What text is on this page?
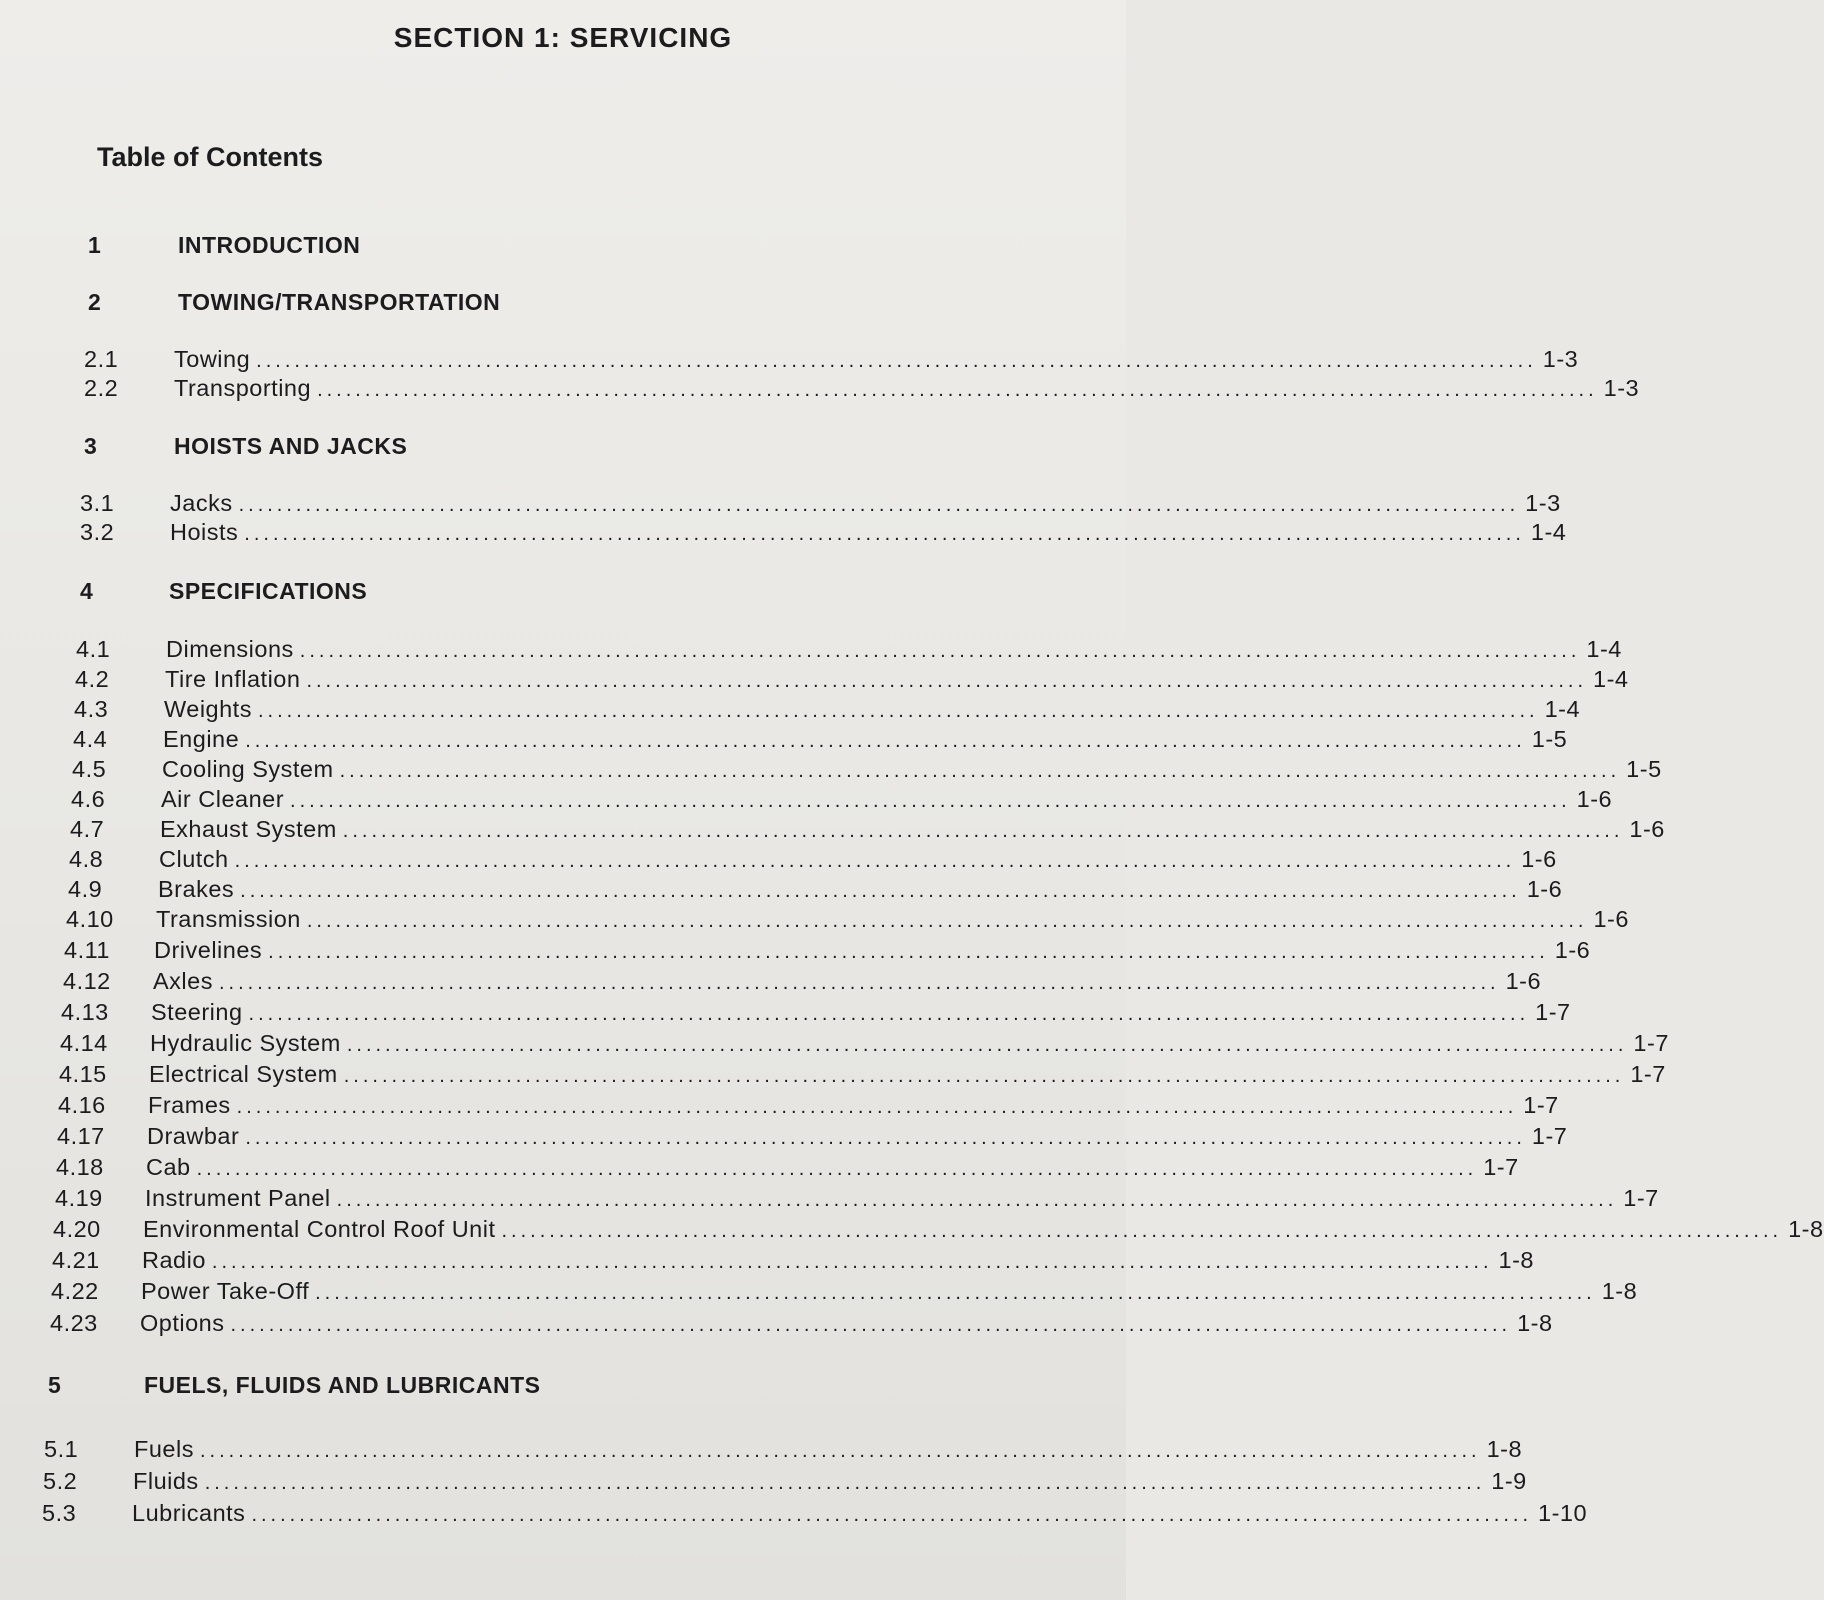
SECTION 1: SERVICING
Table of Contents
1	INTRODUCTION
2	TOWING/TRANSPORTATION
2.1	Towing ...................................................................................................................................... 1-3
2.2	Transporting ...................................................................................................................................... 1-3
3	HOISTS AND JACKS
3.1	Jacks ...................................................................................................................................... 1-3
3.2	Hoists ...................................................................................................................................... 1-4
4	SPECIFICATIONS
4.1	Dimensions ...................................................................................................................................... 1-4
4.2	Tire Inflation ...................................................................................................................................... 1-4
4.3	Weights ...................................................................................................................................... 1-4
4.4	Engine ...................................................................................................................................... 1-5
4.5	Cooling System ...................................................................................................................................... 1-5
4.6	Air Cleaner ...................................................................................................................................... 1-6
4.7	Exhaust System ...................................................................................................................................... 1-6
4.8	Clutch ...................................................................................................................................... 1-6
4.9	Brakes ...................................................................................................................................... 1-6
4.10	Transmission ...................................................................................................................................... 1-6
4.11	Drivelines ...................................................................................................................................... 1-6
4.12	Axles ...................................................................................................................................... 1-6
4.13	Steering ...................................................................................................................................... 1-7
4.14	Hydraulic System ...................................................................................................................................... 1-7
4.15	Electrical System ...................................................................................................................................... 1-7
4.16	Frames ...................................................................................................................................... 1-7
4.17	Drawbar ...................................................................................................................................... 1-7
4.18	Cab ...................................................................................................................................... 1-7
4.19	Instrument Panel ...................................................................................................................................... 1-7
4.20	Environmental Control Roof Unit ...................................................................................................................................... 1-8
4.21	Radio ...................................................................................................................................... 1-8
4.22	Power Take-Off ...................................................................................................................................... 1-8
4.23	Options ...................................................................................................................................... 1-8
5	FUELS, FLUIDS AND LUBRICANTS
5.1	Fuels ...................................................................................................................................... 1-8
5.2	Fluids ...................................................................................................................................... 1-9
5.3	Lubricants ...................................................................................................................................... 1-10
